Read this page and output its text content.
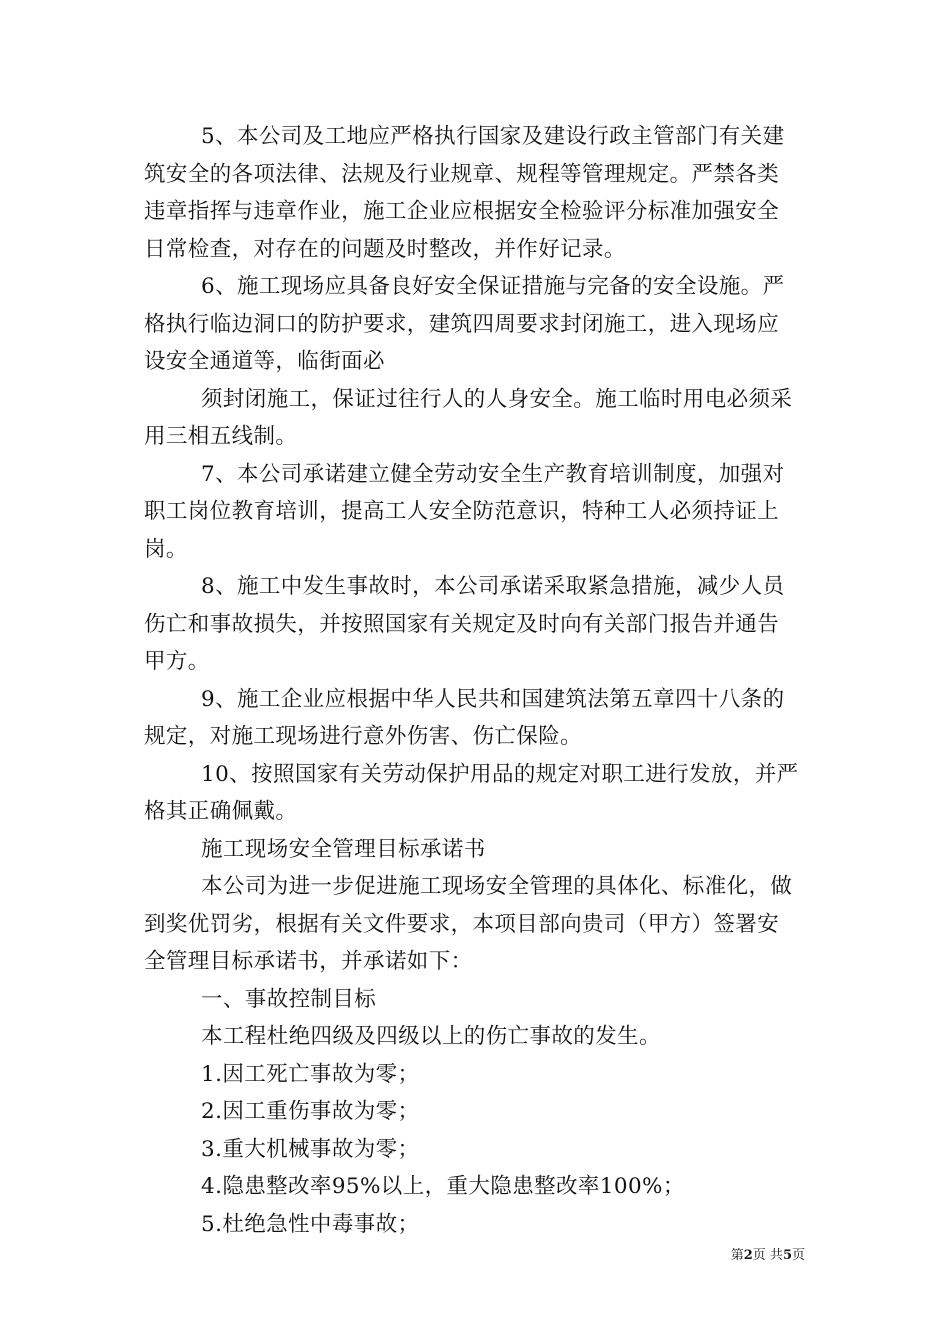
5、本公司及工地应严格执行国家及建设行政主管部门有关建
筑安全的各项法律、法规及行业规章、规程等管理规定。严禁各类
违章指挥与违章作业，施工企业应根据安全检验评分标准加强安全
日常检查，对存在的问题及时整改，并作好记录。

6、施工现场应具备良好安全保证措施与完备的安全设施。严
格执行临边洞口的防护要求，建筑四周要求封闭施工，进入现场应
设安全通道等，临街面必

须封闭施工，保证过往行人的人身安全。施工临时用电必须采
用三相五线制。

7、本公司承诺建立健全劳动安全生产教育培训制度，加强对
职工岗位教育培训，提高工人安全防范意识，特种工人必须持证上
岗。

8、施工中发生事故时，本公司承诺采取紧急措施，减少人员
伤亡和事故损失，并按照国家有关规定及时向有关部门报告并通告
甲方。

9、施工企业应根据中华人民共和国建筑法第五章四十八条的
规定，对施工现场进行意外伤害、伤亡保险。

10、按照国家有关劳动保护用品的规定对职工进行发放，并严
格其正确佩戴。

施工现场安全管理目标承诺书

本公司为进一步促进施工现场安全管理的具体化、标准化，做
到奖优罚劣，根据有关文件要求，本项目部向贵司（甲方）签署安
全管理目标承诺书，并承诺如下：

一、事故控制目标

本工程杜绝四级及四级以上的伤亡事故的发生。

1.因工死亡事故为零；

2.因工重伤事故为零；

3.重大机械事故为零；

4.隐患整改率95%以上，重大隐患整改率100%；

5.杜绝急性中毒事故；

第2页 共5页
